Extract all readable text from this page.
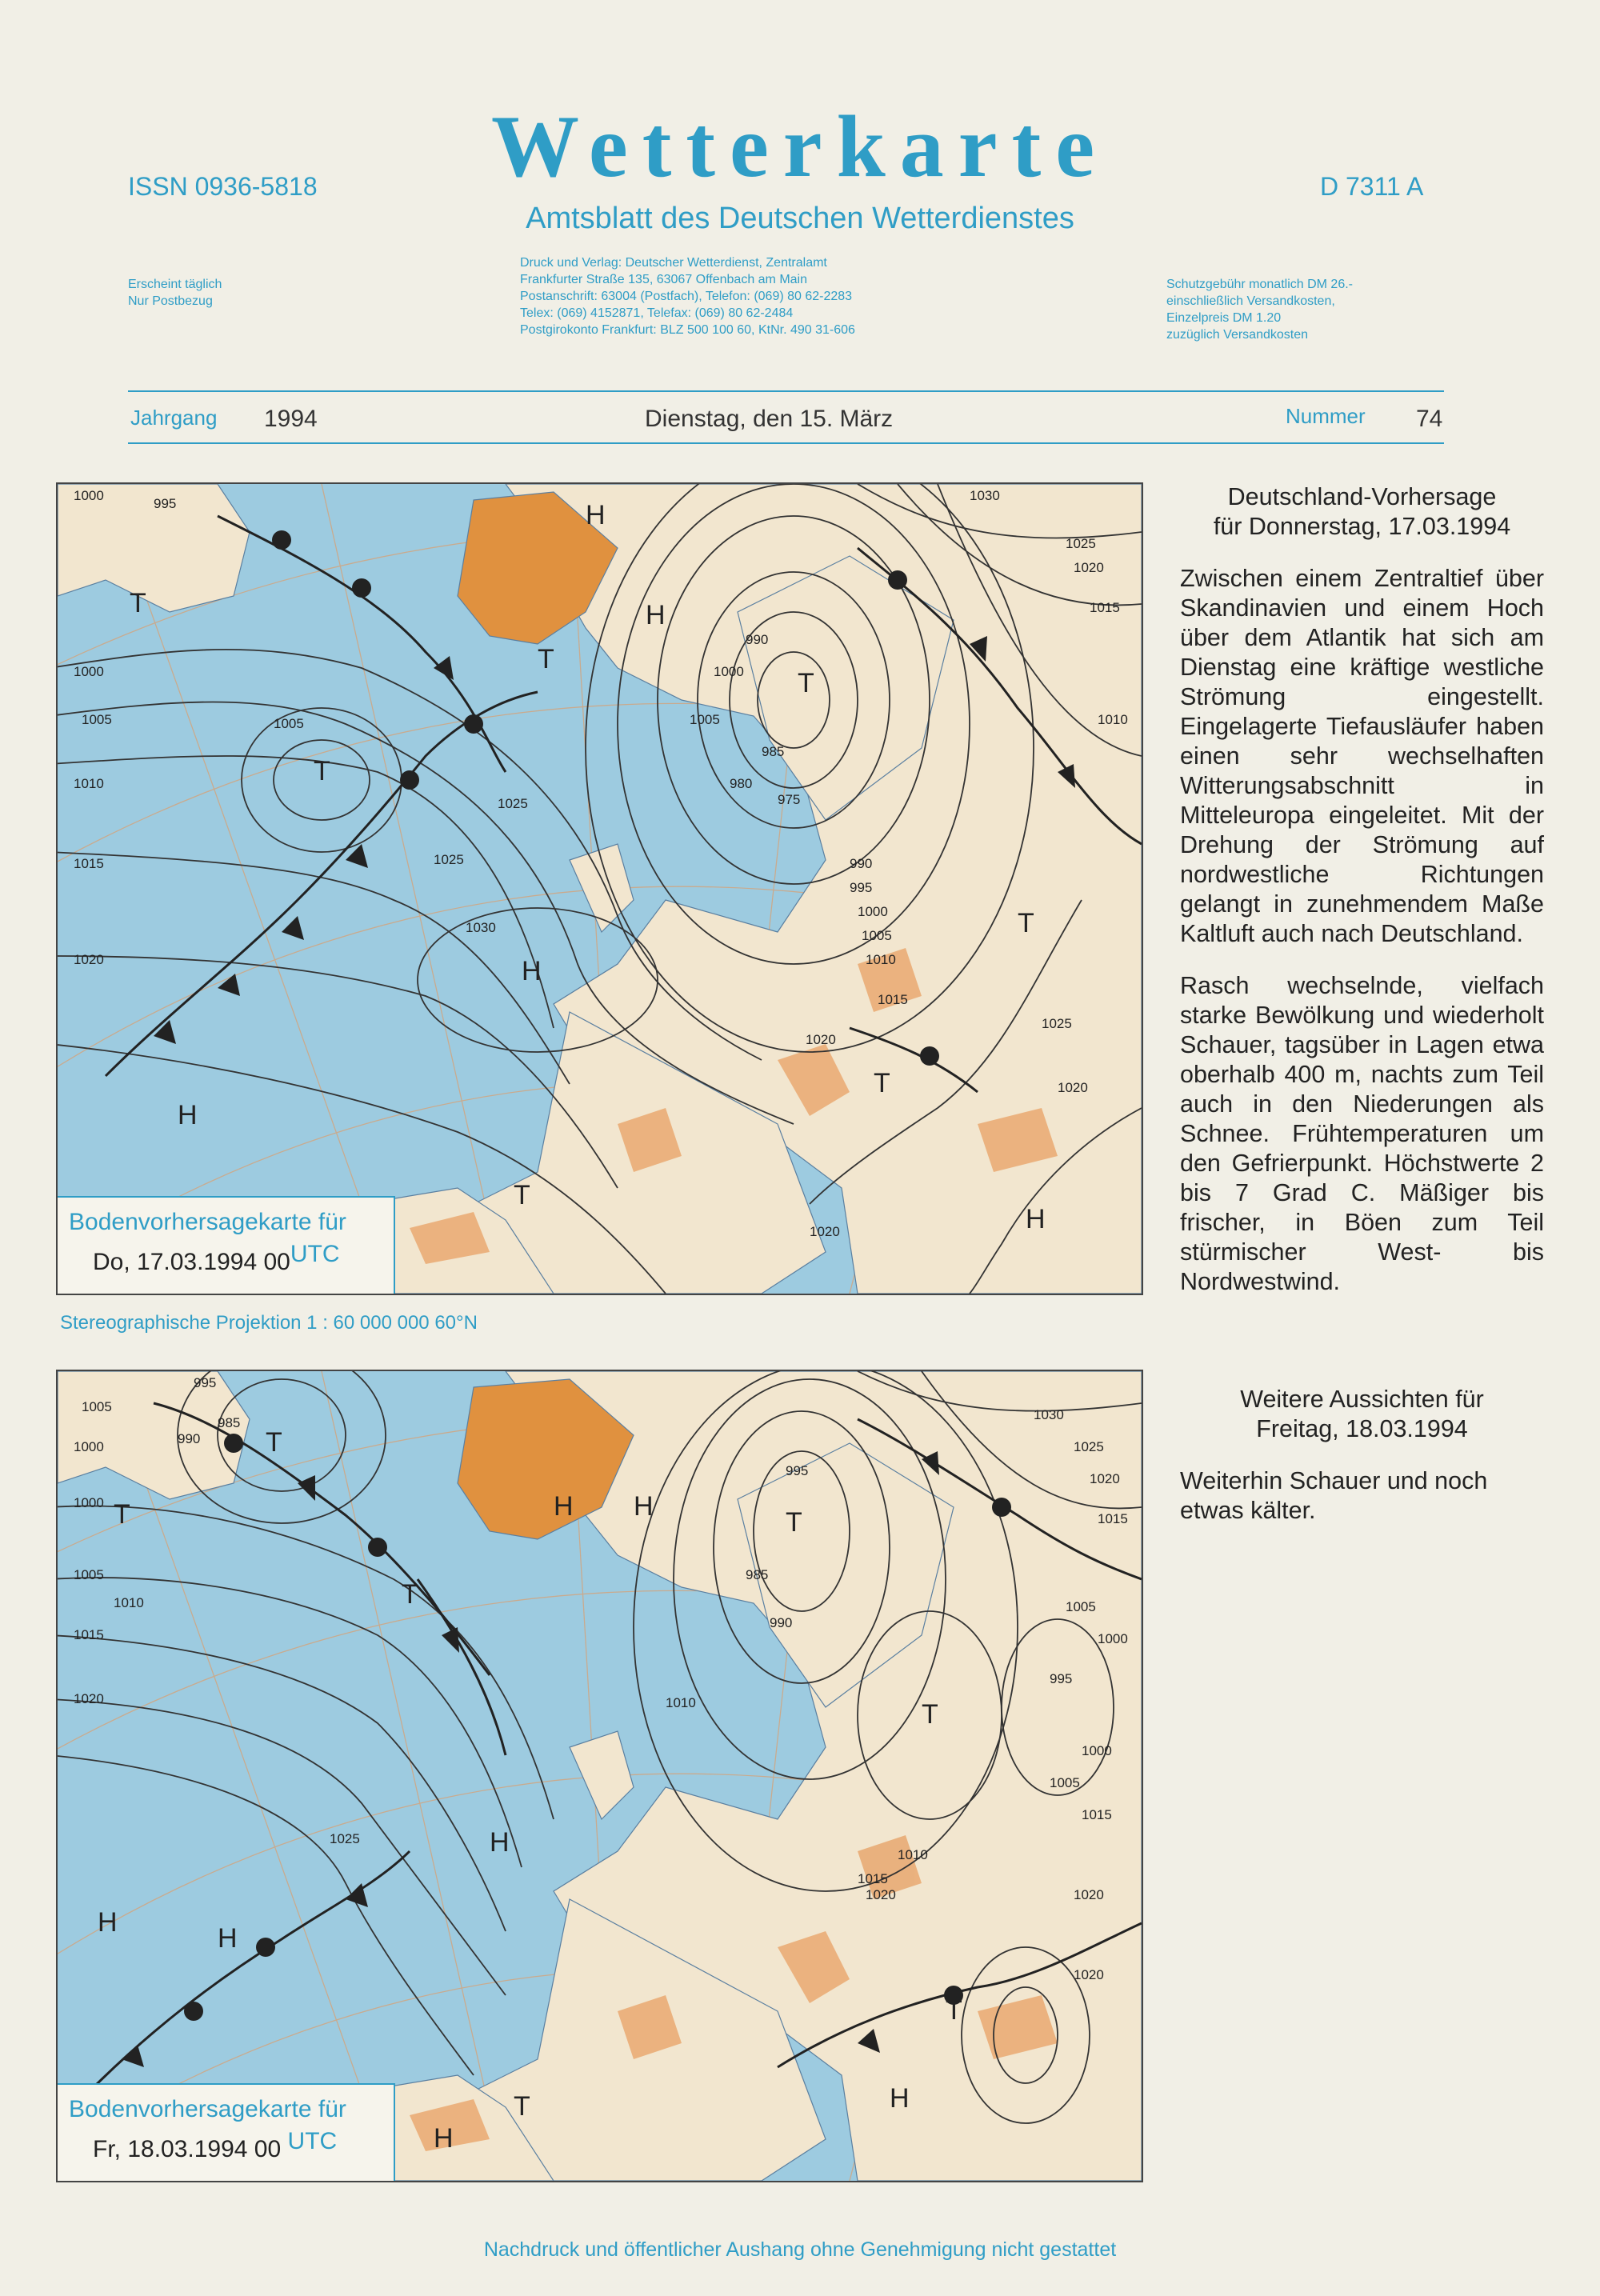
ISSN 0936-5818	Wetterkarte	D 7311 A
Amtsblatt des Deutschen Wetterdienstes
Erscheint täglich
Nur Postbezug
Druck und Verlag: Deutscher Wetterdienst, Zentralamt
Frankfurter Straße 135, 63067 Offenbach am Main
Postanschrift: 63004 (Postfach), Telefon: (069) 80 62-2283
Telex: (069) 4152871, Telefax: (069) 80 62-2484
Postgirokonto Frankfurt: BLZ 500 100 60, KtNr. 490 31-606
Schutzgebühr monatlich DM 26.-
einschließlich Versandkosten,
Einzelpreis DM 1.20
zuzüglich Versandkosten
Jahrgang 1994	Dienstag, den 15. März	Nummer 74
H
H
H
H
H
T
T
T
T
T
T
T
1000
995
1000
1005
1010
1015
1020
1005
1025
1030
1025
990
985
980
975
1000
1005
990
995
1000
1005
1010
1015
1020
1025
1020
1015
1010
1020
1030
1025
1020
Bodenvorhersagekarte für
Do, 17.03.1994 00UTC
Stereographische Projektion 1 : 60 000 000 60°N
H H
H
H
H
H
H
T
T
T
T
T
T
T
1005
1000
995
990
985
1000
1005
1010
1015
1020
1025
995
985
990
1010
1030
1025
1020
1015
1005
1000
995
1000
1005
1010
1015
1020	1020
1020
1015
Bodenvorhersagekarte für
Fr, 18.03.1994 00 UTC
Deutschland-Vorhersage
für Donnerstag, 17.03.1994

Zwischen einem Zentraltief über Skandinavien und einem Hoch über dem Atlantik hat sich am Dienstag eine kräftige westliche Strömung eingestellt. Eingelagerte Tiefausläufer haben einen sehr wechselhaften Witterungsabschnitt in Mitteleuropa eingeleitet. Mit der Drehung der Strömung auf nordwestliche Richtungen gelangt in zunehmendem Maße Kaltluft auch nach Deutschland.

Rasch wechselnde, vielfach starke Bewölkung und wiederholt Schauer, tagsüber in Lagen etwa oberhalb 400 m, nachts zum Teil auch in den Niederungen als Schnee. Frühtemperaturen um den Gefrierpunkt. Höchstwerte 2 bis 7 Grad C. Mäßiger bis frischer, in Böen zum Teil stürmischer West- bis Nordwestwind.

Weitere Aussichten für
Freitag, 18.03.1994

Weiterhin Schauer und noch etwas kälter.

Nachdruck und öffentlicher Aushang ohne Genehmigung nicht gestattet
